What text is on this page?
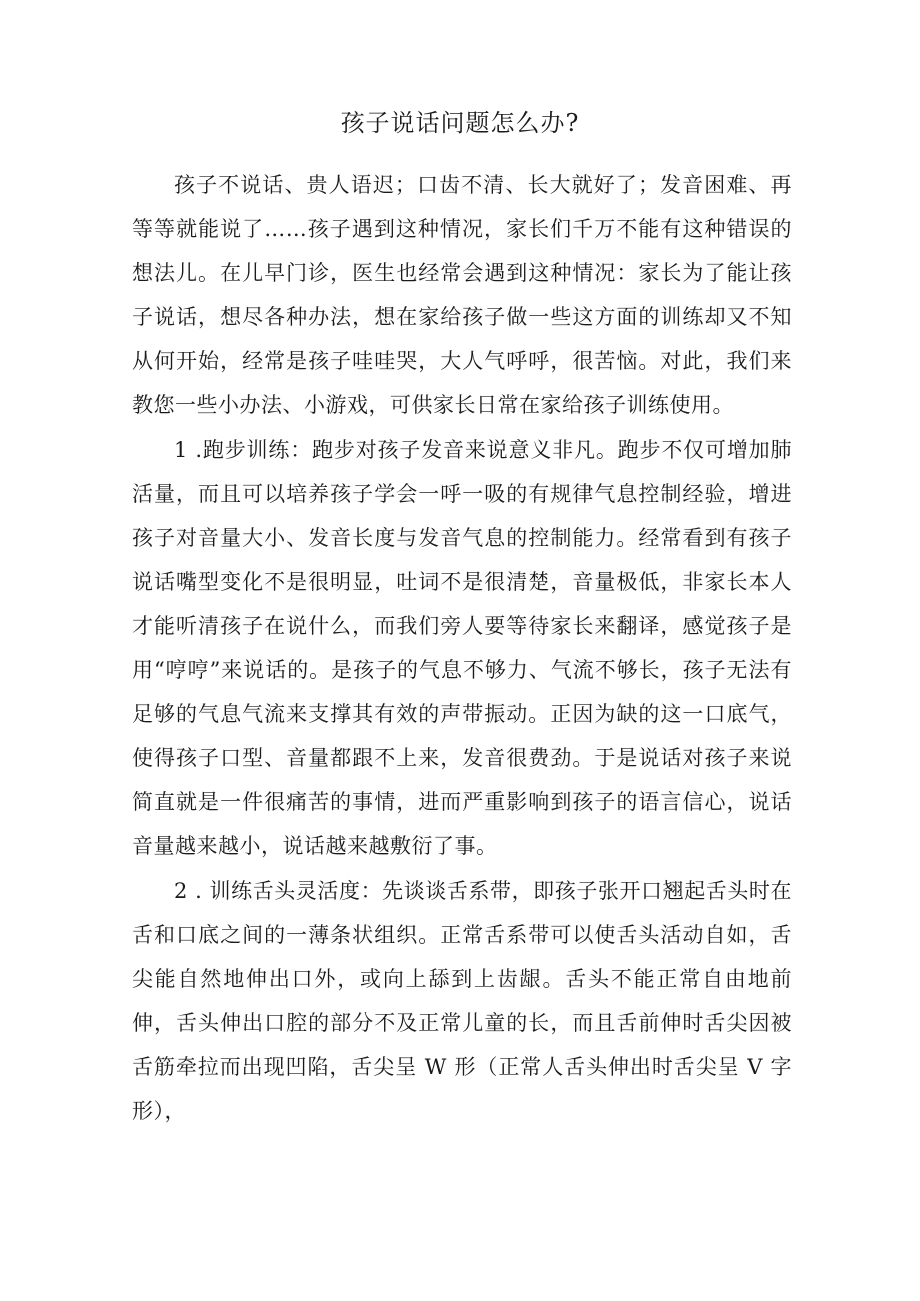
孩子说话问题怎么办?

孩子不说话、贵人语迟；口齿不清、长大就好了；发音困难、再等等就能说了……孩子遇到这种情况，家长们千万不能有这种错误的想法儿。在儿早门诊，医生也经常会遇到这种情况：家长为了能让孩子说话，想尽各种办法，想在家给孩子做一些这方面的训练却又不知从何开始，经常是孩子哇哇哭，大人气呼呼，很苦恼。对此，我们来教您一些小办法、小游戏，可供家长日常在家给孩子训练使用。

1 .跑步训练：跑步对孩子发音来说意义非凡。跑步不仅可增加肺活量，而且可以培养孩子学会一呼一吸的有规律气息控制经验，增进孩子对音量大小、发音长度与发音气息的控制能力。经常看到有孩子说话嘴型变化不是很明显，吐词不是很清楚，音量极低，非家长本人才能听清孩子在说什么，而我们旁人要等待家长来翻译，感觉孩子是用“哼哼”来说话的。是孩子的气息不够力、气流不够长，孩子无法有足够的气息气流来支撑其有效的声带振动。正因为缺的这一口底气，使得孩子口型、音量都跟不上来，发音很费劲。于是说话对孩子来说简直就是一件很痛苦的事情，进而严重影响到孩子的语言信心，说话音量越来越小，说话越来越敷衍了事。

2 . 训练舌头灵活度：先谈谈舌系带，即孩子张开口翘起舌头时在舌和口底之间的一薄条状组织。正常舌系带可以使舌头活动自如，舌尖能自然地伸出口外，或向上舔到上齿龈。舌头不能正常自由地前伸，舌头伸出口腔的部分不及正常儿童的长，而且舌前伸时舌尖因被舌筋牵拉而出现凹陷，舌尖呈 W 形（正常人舌头伸出时舌尖呈 V 字形），
